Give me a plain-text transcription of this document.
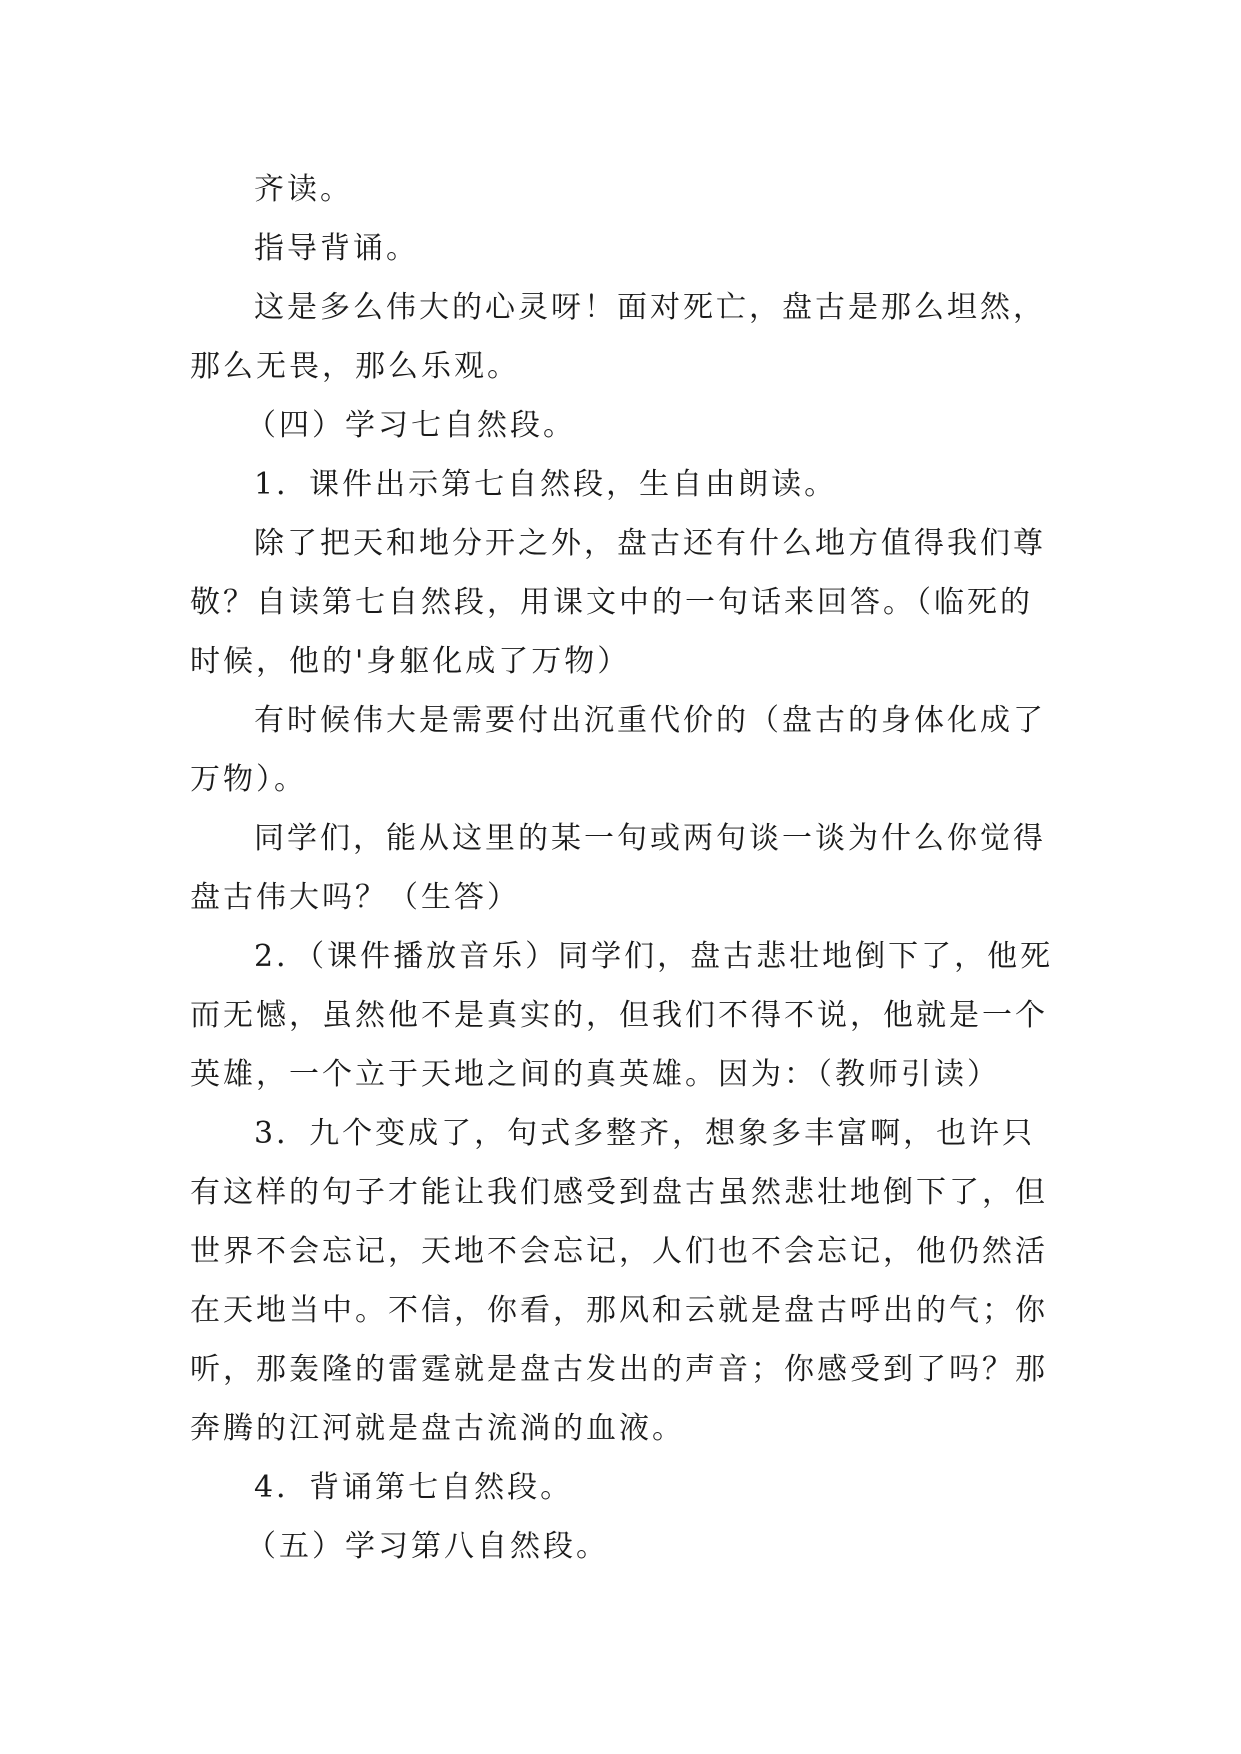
齐读。

指导背诵。

这是多么伟大的心灵呀！面对死亡，盘古是那么坦然，那么无畏，那么乐观。

（四）学习七自然段。

1．课件出示第七自然段，生自由朗读。

除了把天和地分开之外，盘古还有什么地方值得我们尊敬？自读第七自然段，用课文中的一句话来回答。（临死的时候，他的'身躯化成了万物）

有时候伟大是需要付出沉重代价的（盘古的身体化成了万物）。

同学们，能从这里的某一句或两句谈一谈为什么你觉得盘古伟大吗？（生答）

2．（课件播放音乐）同学们，盘古悲壮地倒下了，他死而无憾，虽然他不是真实的，但我们不得不说，他就是一个英雄，一个立于天地之间的真英雄。因为：（教师引读）

3．九个变成了，句式多整齐，想象多丰富啊，也许只有这样的句子才能让我们感受到盘古虽然悲壮地倒下了，但世界不会忘记，天地不会忘记，人们也不会忘记，他仍然活在天地当中。不信，你看，那风和云就是盘古呼出的气；你听，那轰隆的雷霆就是盘古发出的声音；你感受到了吗？那奔腾的江河就是盘古流淌的血液。

4．背诵第七自然段。

（五）学习第八自然段。
